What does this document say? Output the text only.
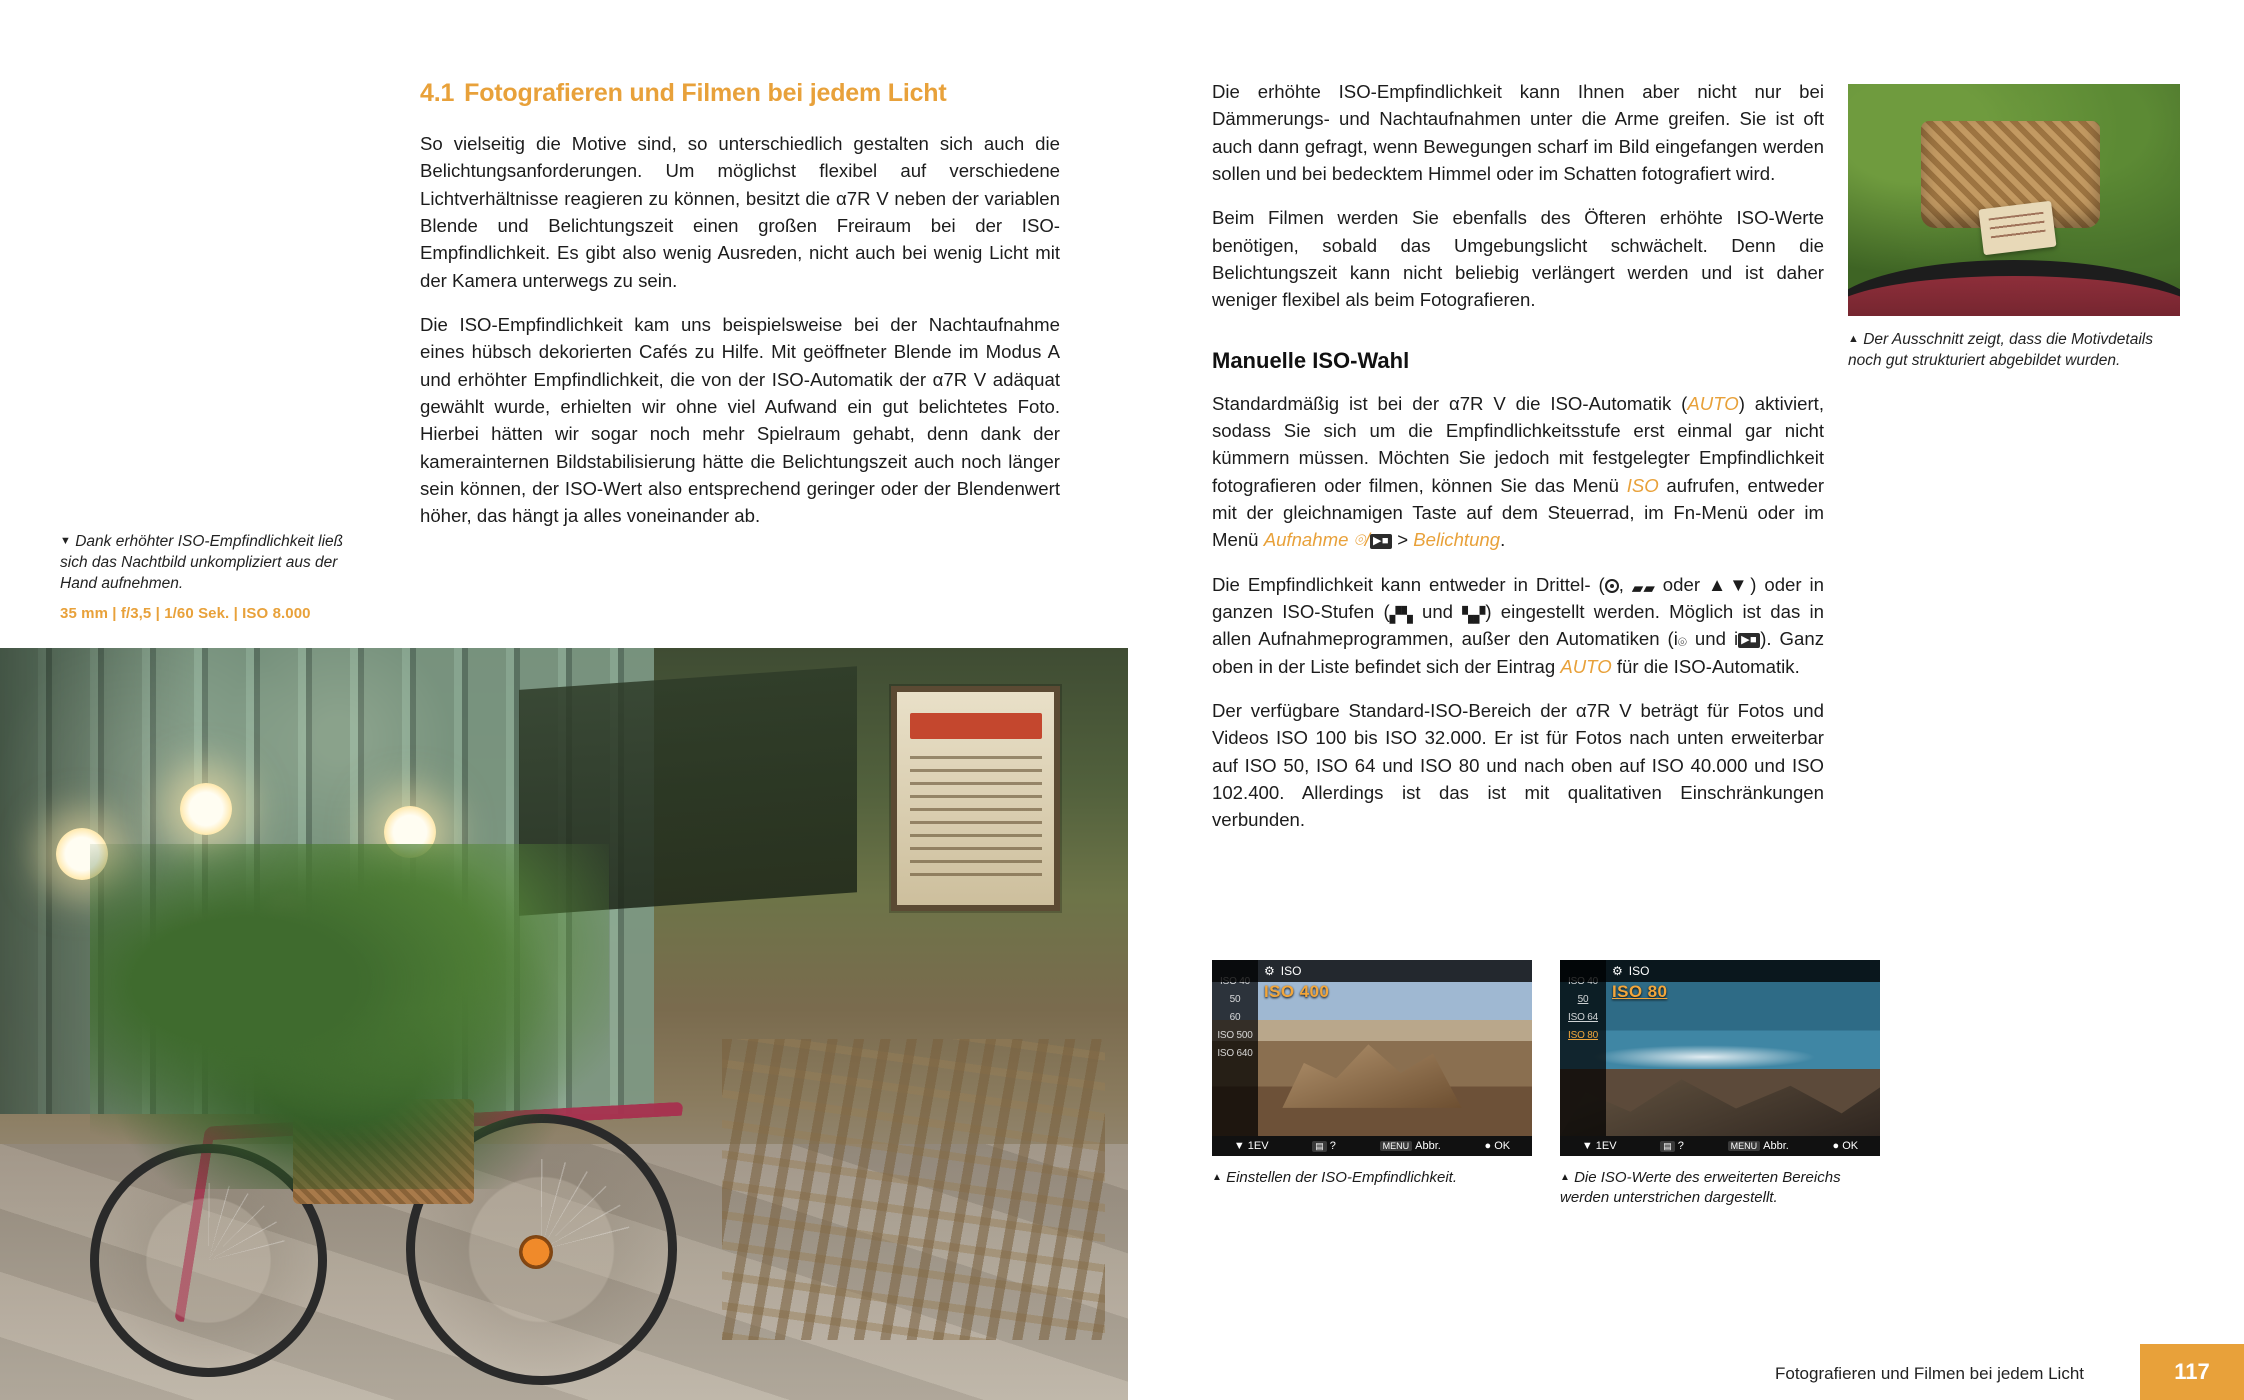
4.1 Fotografieren und Filmen bei jedem Licht

So vielseitig die Motive sind, so unterschiedlich gestalten sich auch die Belichtungsanforderungen. Um möglichst flexibel auf verschiedene Lichtverhältnisse reagieren zu können, besitzt die α7R V neben der variablen Blende und Belichtungszeit einen großen Freiraum bei der ISO-Empfindlichkeit. Es gibt also wenig Ausreden, nicht auch bei wenig Licht mit der Kamera unterwegs zu sein.

Die ISO-Empfindlichkeit kam uns beispielsweise bei der Nachtaufnahme eines hübsch dekorierten Cafés zu Hilfe. Mit geöffneter Blende im Modus A und erhöhter Empfindlichkeit, die von der ISO-Automatik der α7R V adäquat gewählt wurde, erhielten wir ohne viel Aufwand ein gut belichtetes Foto. Hierbei hätten wir sogar noch mehr Spielraum gehabt, denn dank der kamerainternen Bildstabilisierung hätte die Belichtungszeit auch noch länger sein können, der ISO-Wert also entsprechend geringer oder der Blendenwert höher, das hängt ja alles voneinander ab.

▼ Dank erhöhter ISO-Empfindlichkeit ließ sich das Nachtbild unkompliziert aus der Hand aufnehmen.
35 mm | f/3,5 | 1/60 Sek. | ISO 8.000

Die erhöhte ISO-Empfindlichkeit kann Ihnen aber nicht nur bei Dämmerungs- und Nachtaufnahmen unter die Arme greifen. Sie ist oft auch dann gefragt, wenn Bewegungen scharf im Bild eingefangen werden sollen und bei bedecktem Himmel oder im Schatten fotografiert wird.

Beim Filmen werden Sie ebenfalls des Öfteren erhöhte ISO-Werte benötigen, sobald das Umgebungslicht schwächelt. Denn die Belichtungszeit kann nicht beliebig verlängert werden und ist daher weniger flexibel als beim Fotografieren.

Manuelle ISO-Wahl

Standardmäßig ist bei der α7R V die ISO-Automatik (AUTO) aktiviert, sodass Sie sich um die Empfindlichkeitsstufe erst einmal gar nicht kümmern müssen. Möchten Sie jedoch mit festgelegter Empfindlichkeit fotografieren oder filmen, können Sie das Menü ISO aufrufen, entweder mit der gleichnamigen Taste auf dem Steuerrad, im Fn-Menü oder im Menü Aufnahme ⌾/ ▶■ > Belichtung.

Die Empfindlichkeit kann entweder in Drittel- ( , ▰▰ oder ▲▼) oder in ganzen ISO-Stufen (▞▚ und ▚▞) eingestellt werden. Möglich ist das in allen Aufnahmeprogrammen, außer den Automatiken (i⌾ und i ▶■ ). Ganz oben in der Liste befindet sich der Eintrag AUTO für die ISO-Automatik.

Der verfügbare Standard-ISO-Bereich der α7R V beträgt für Fotos und Videos ISO 100 bis ISO 32.000. Er ist für Fotos nach unten erweiterbar auf ISO 50, ISO 64 und ISO 80 und nach oben auf ISO 40.000 und ISO 102.400. Allerdings ist das ist mit qualitativen Einschränkungen verbunden.

▲ Der Ausschnitt zeigt, dass die Motivdetails noch gut strukturiert abgebildet wurden.
50
60
ISO 500
ISO 640
⚙ ISO
ISO 400
▼ 1EV	▤ ?	MENU Abbr.	● OK
▲ Einstellen der ISO-Empfindlichkeit.
50
ISO 64
ISO 80
⚙ ISO
ISO 80
▼ 1EV	▤ ?	MENU Abbr.	● OK
▲ Die ISO-Werte des erweiterten Bereichs werden unterstrichen dargestellt.
Fotografieren und Filmen bei jedem Licht	117
